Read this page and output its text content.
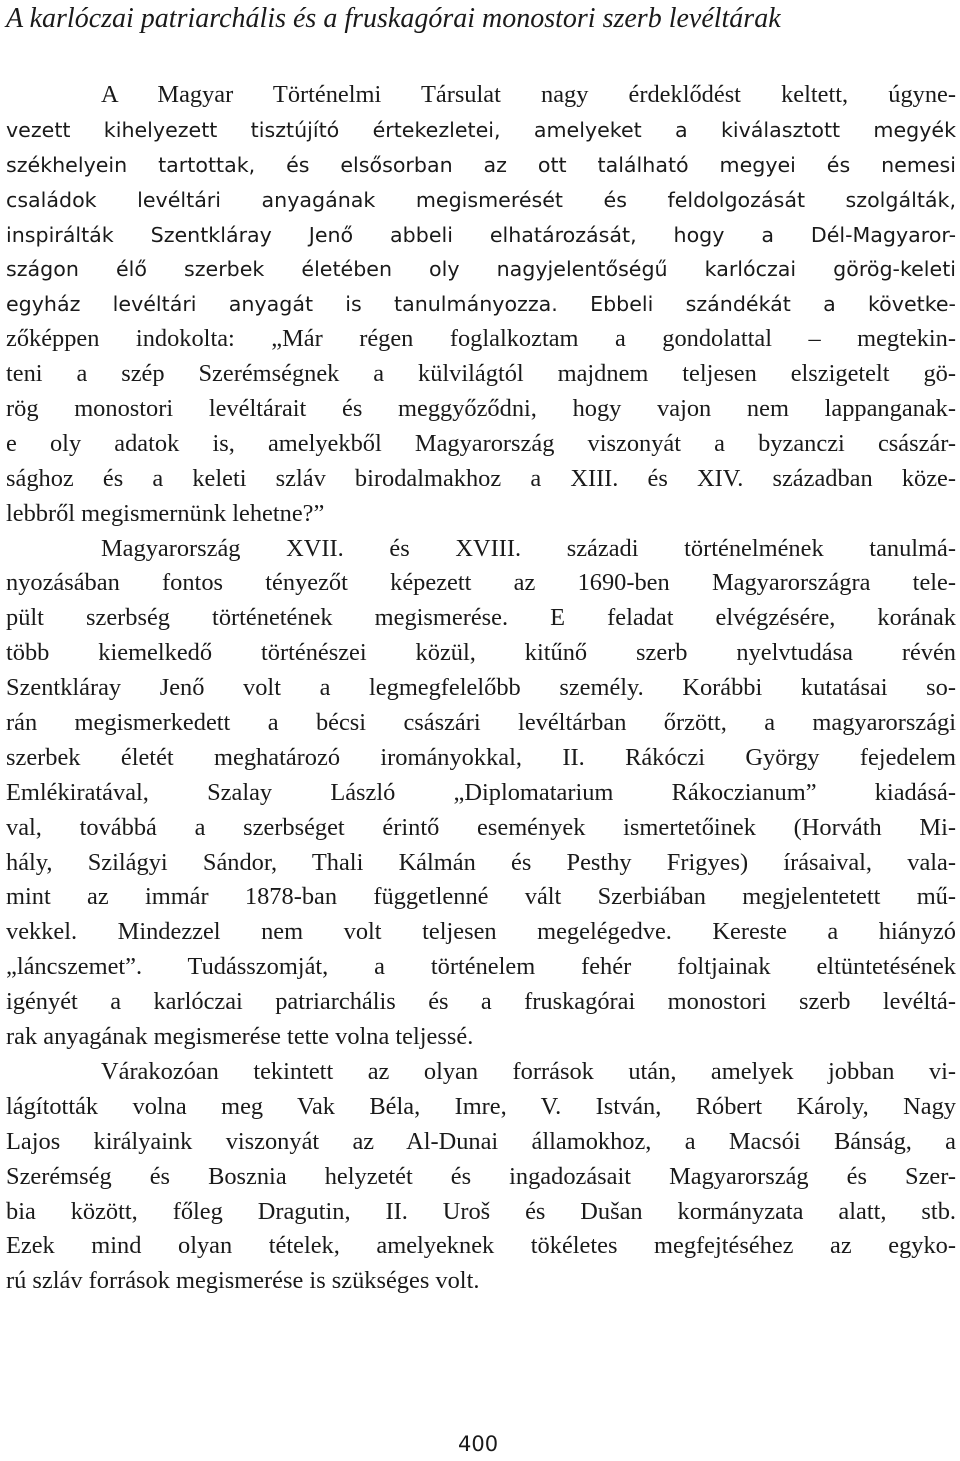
A karlóczai patriarchális és a fruskagórai monostori szerb levéltárak
A Magyar Történelmi Társulat nagy érdeklődést keltett, úgyne-
vezett kihelyezett tisztújító értekezletei, amelyeket a kiválasztott megyék
székhelyein tartottak, és elsősorban az ott található megyei és nemesi
családok levéltári anyagának megismerését és feldolgozását szolgálták,
inspirálták Szentkláray Jenő abbeli elhatározását, hogy a Dél-Magyaror-
szágon élő szerbek életében oly nagyjelentőségű karlóczai görög-keleti
egyház levéltári anyagát is tanulmányozza. Ebbeli szándékát a követke-
zőképpen indokolta: „Már régen foglalkoztam a gondolattal – megtekin-
teni a szép Szerémségnek a külvilágtól majdnem teljesen elszigetelt gö-
rög monostori levéltárait és meggyőződni, hogy vajon nem lappanganak-
e oly adatok is, amelyekből Magyarország viszonyát a byzanczi császár-
sághoz és a keleti szláv birodalmakhoz a XIII. és XIV. században köze-
lebbről megismernünk lehetne?”
Magyarország XVII. és XVIII. századi történelmének tanulmá-
nyozásában fontos tényezőt képezett az 1690-ben Magyarországra tele-
pült szerbség történetének megismerése. E feladat elvégzésére, korának
több kiemelkedő történészei közül, kitűnő szerb nyelvtudása révén
Szentkláray Jenő volt a legmegfelelőbb személy. Korábbi kutatásai so-
rán megismerkedett a bécsi császári levéltárban őrzött, a magyarországi
szerbek életét meghatározó irományokkal, II. Rákóczi György fejedelem
Emlékiratával, Szalay László „Diplomatarium Rákoczianum” kiadásá-
val, továbbá a szerbséget érintő események ismertetőinek (Horváth Mi-
hály, Szilágyi Sándor, Thali Kálmán és Pesthy Frigyes) írásaival, vala-
mint az immár 1878-ban függetlenné vált Szerbiában megjelentetett mű-
vekkel. Mindezzel nem volt teljesen megelégedve. Kereste a hiányzó
„láncszemet”. Tudásszomját, a történelem fehér foltjainak eltüntetésének
igényét a karlóczai patriarchális és a fruskagórai monostori szerb levéltá-
rak anyagának megismerése tette volna teljessé.
Várakozóan tekintett az olyan források után, amelyek jobban vi-
lágították volna meg Vak Béla, Imre, V. István, Róbert Károly, Nagy
Lajos királyaink viszonyát az Al-Dunai államokhoz, a Macsói Bánság, a
Szerémség és Bosznia helyzetét és ingadozásait Magyarország és Szer-
bia között, főleg Dragutin, II. Uroš és Dušan kormányzata alatt, stb.
Ezek mind olyan tételek, amelyeknek tökéletes megfejtéséhez az egyko-
rú szláv források megismerése is szükséges volt.
400
